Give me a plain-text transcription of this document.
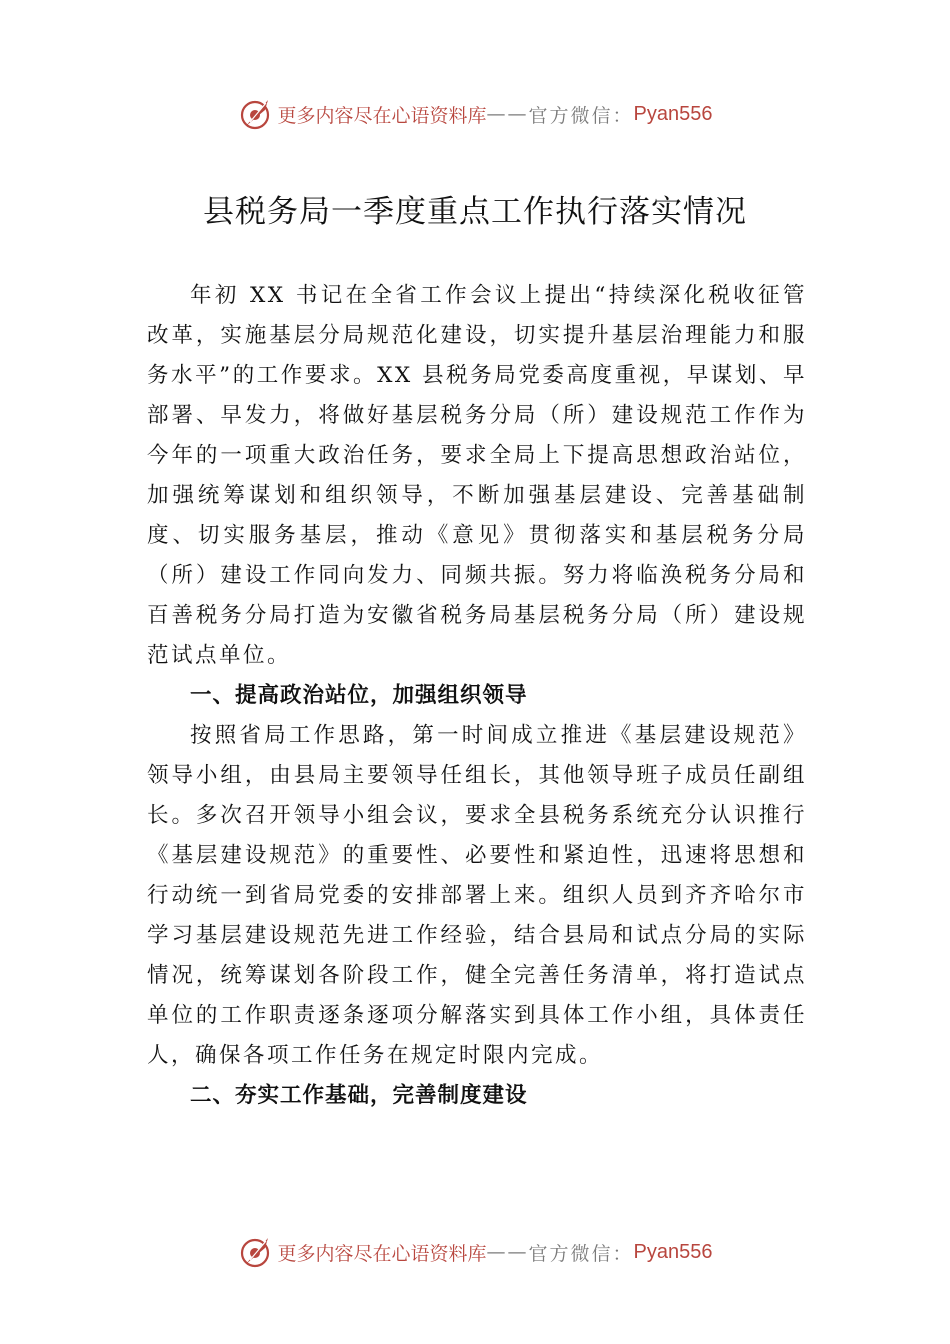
更多内容尽在心语资料库 —— 官方微信： Pyan556
县税务局一季度重点工作执行落实情况

年初 XX 书记在全省工作会议上提出“持续深化税收征管改革，实施基层分局规范化建设，切实提升基层治理能力和服务水平”的工作要求。XX 县税务局党委高度重视，早谋划、早部署、早发力，将做好基层税务分局（所）建设规范工作作为今年的一项重大政治任务，要求全局上下提高思想政治站位，加强统筹谋划和组织领导，不断加强基层建设、完善基础制度、切实服务基层，推动《意见》贯彻落实和基层税务分局（所）建设工作同向发力、同频共振。努力将临涣税务分局和百善税务分局打造为安徽省税务局基层税务分局（所）建设规范试点单位。

一、提高政治站位，加强组织领导

按照省局工作思路，第一时间成立推进《基层建设规范》领导小组，由县局主要领导任组长，其他领导班子成员任副组长。多次召开领导小组会议，要求全县税务系统充分认识推行《基层建设规范》的重要性、必要性和紧迫性，迅速将思想和行动统一到省局党委的安排部署上来。组织人员到齐齐哈尔市学习基层建设规范先进工作经验，结合县局和试点分局的实际情况，统筹谋划各阶段工作，健全完善任务清单，将打造试点单位的工作职责逐条逐项分解落实到具体工作小组，具体责任人，确保各项工作任务在规定时限内完成。

二、夯实工作基础，完善制度建设

更多内容尽在心语资料库 —— 官方微信： Pyan556
